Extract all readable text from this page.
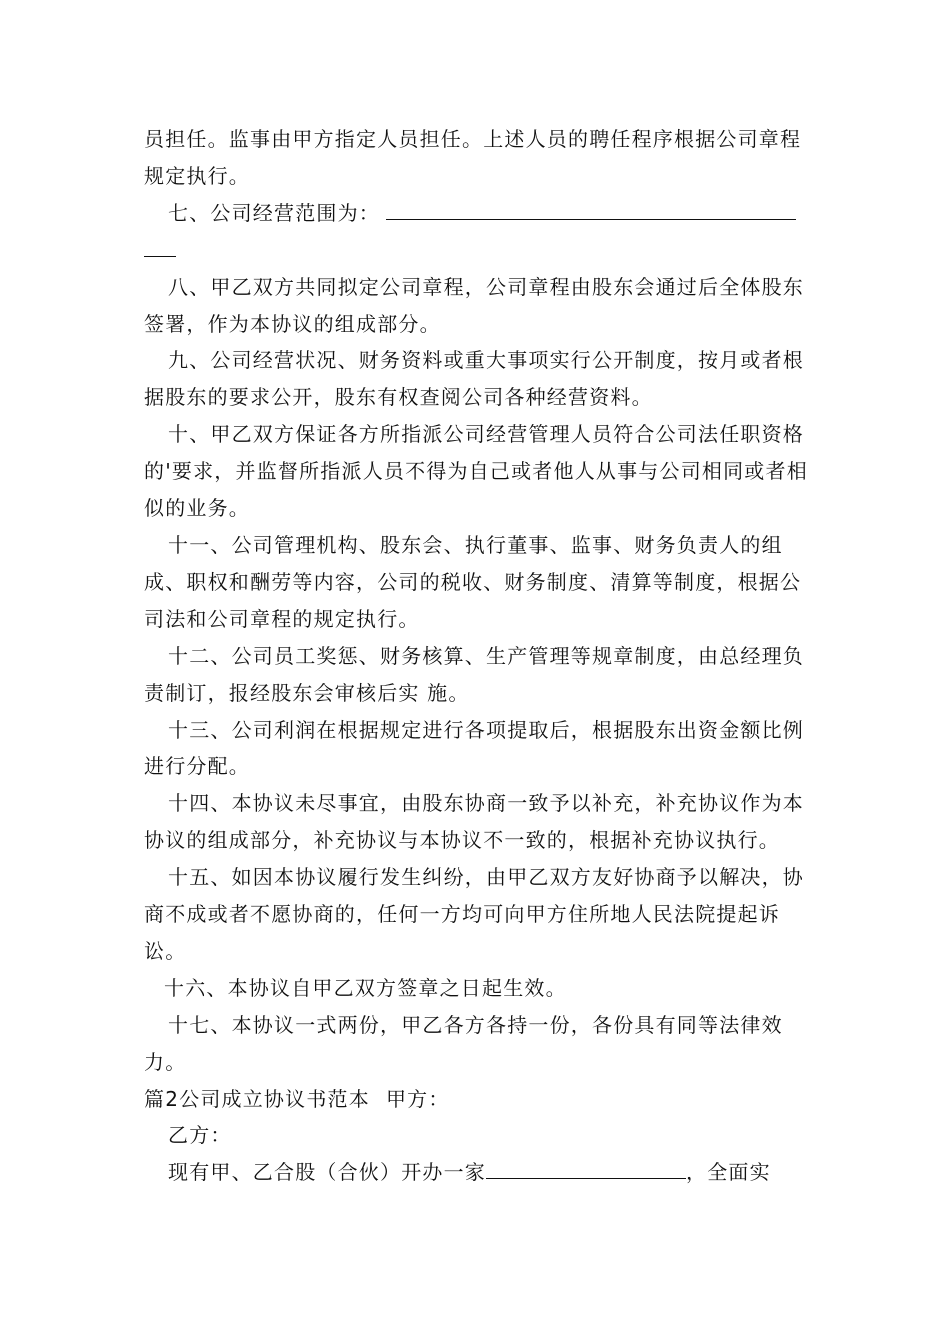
员担任。监事由甲方指定人员担任。上述人员的聘任程序根据公司章程规定执行。

七、公司经营范围为：

八、甲乙双方共同拟定公司章程，公司章程由股东会通过后全体股东签署，作为本协议的组成部分。

九、公司经营状况、财务资料或重大事项实行公开制度，按月或者根据股东的要求公开，股东有权查阅公司各种经营资料。

十、甲乙双方保证各方所指派公司经营管理人员符合公司法任职资格的'要求，并监督所指派人员不得为自己或者他人从事与公司相同或者相似的业务。

十一、公司管理机构、股东会、执行董事、监事、财务负责人的组成、职权和酬劳等内容，公司的税收、财务制度、清算等制度，根据公司法和公司章程的规定执行。

十二、公司员工奖惩、财务核算、生产管理等规章制度，由总经理负责制订，报经股东会审核后实 施。

十三、公司利润在根据规定进行各项提取后，根据股东出资金额比例进行分配。

十四、本协议未尽事宜，由股东协商一致予以补充，补充协议作为本协议的组成部分，补充协议与本协议不一致的，根据补充协议执行。

十五、如因本协议履行发生纠纷，由甲乙双方友好协商予以解决，协商不成或者不愿协商的，任何一方均可向甲方住所地人民法院提起诉讼。

十六、本协议自甲乙双方签章之日起生效。

十七、本协议一式两份，甲乙各方各持一份，各份具有同等法律效力。

篇2公司成立协议书范本 甲方：

乙方：

现有甲、乙合股（合伙）开办一家	，全面实
